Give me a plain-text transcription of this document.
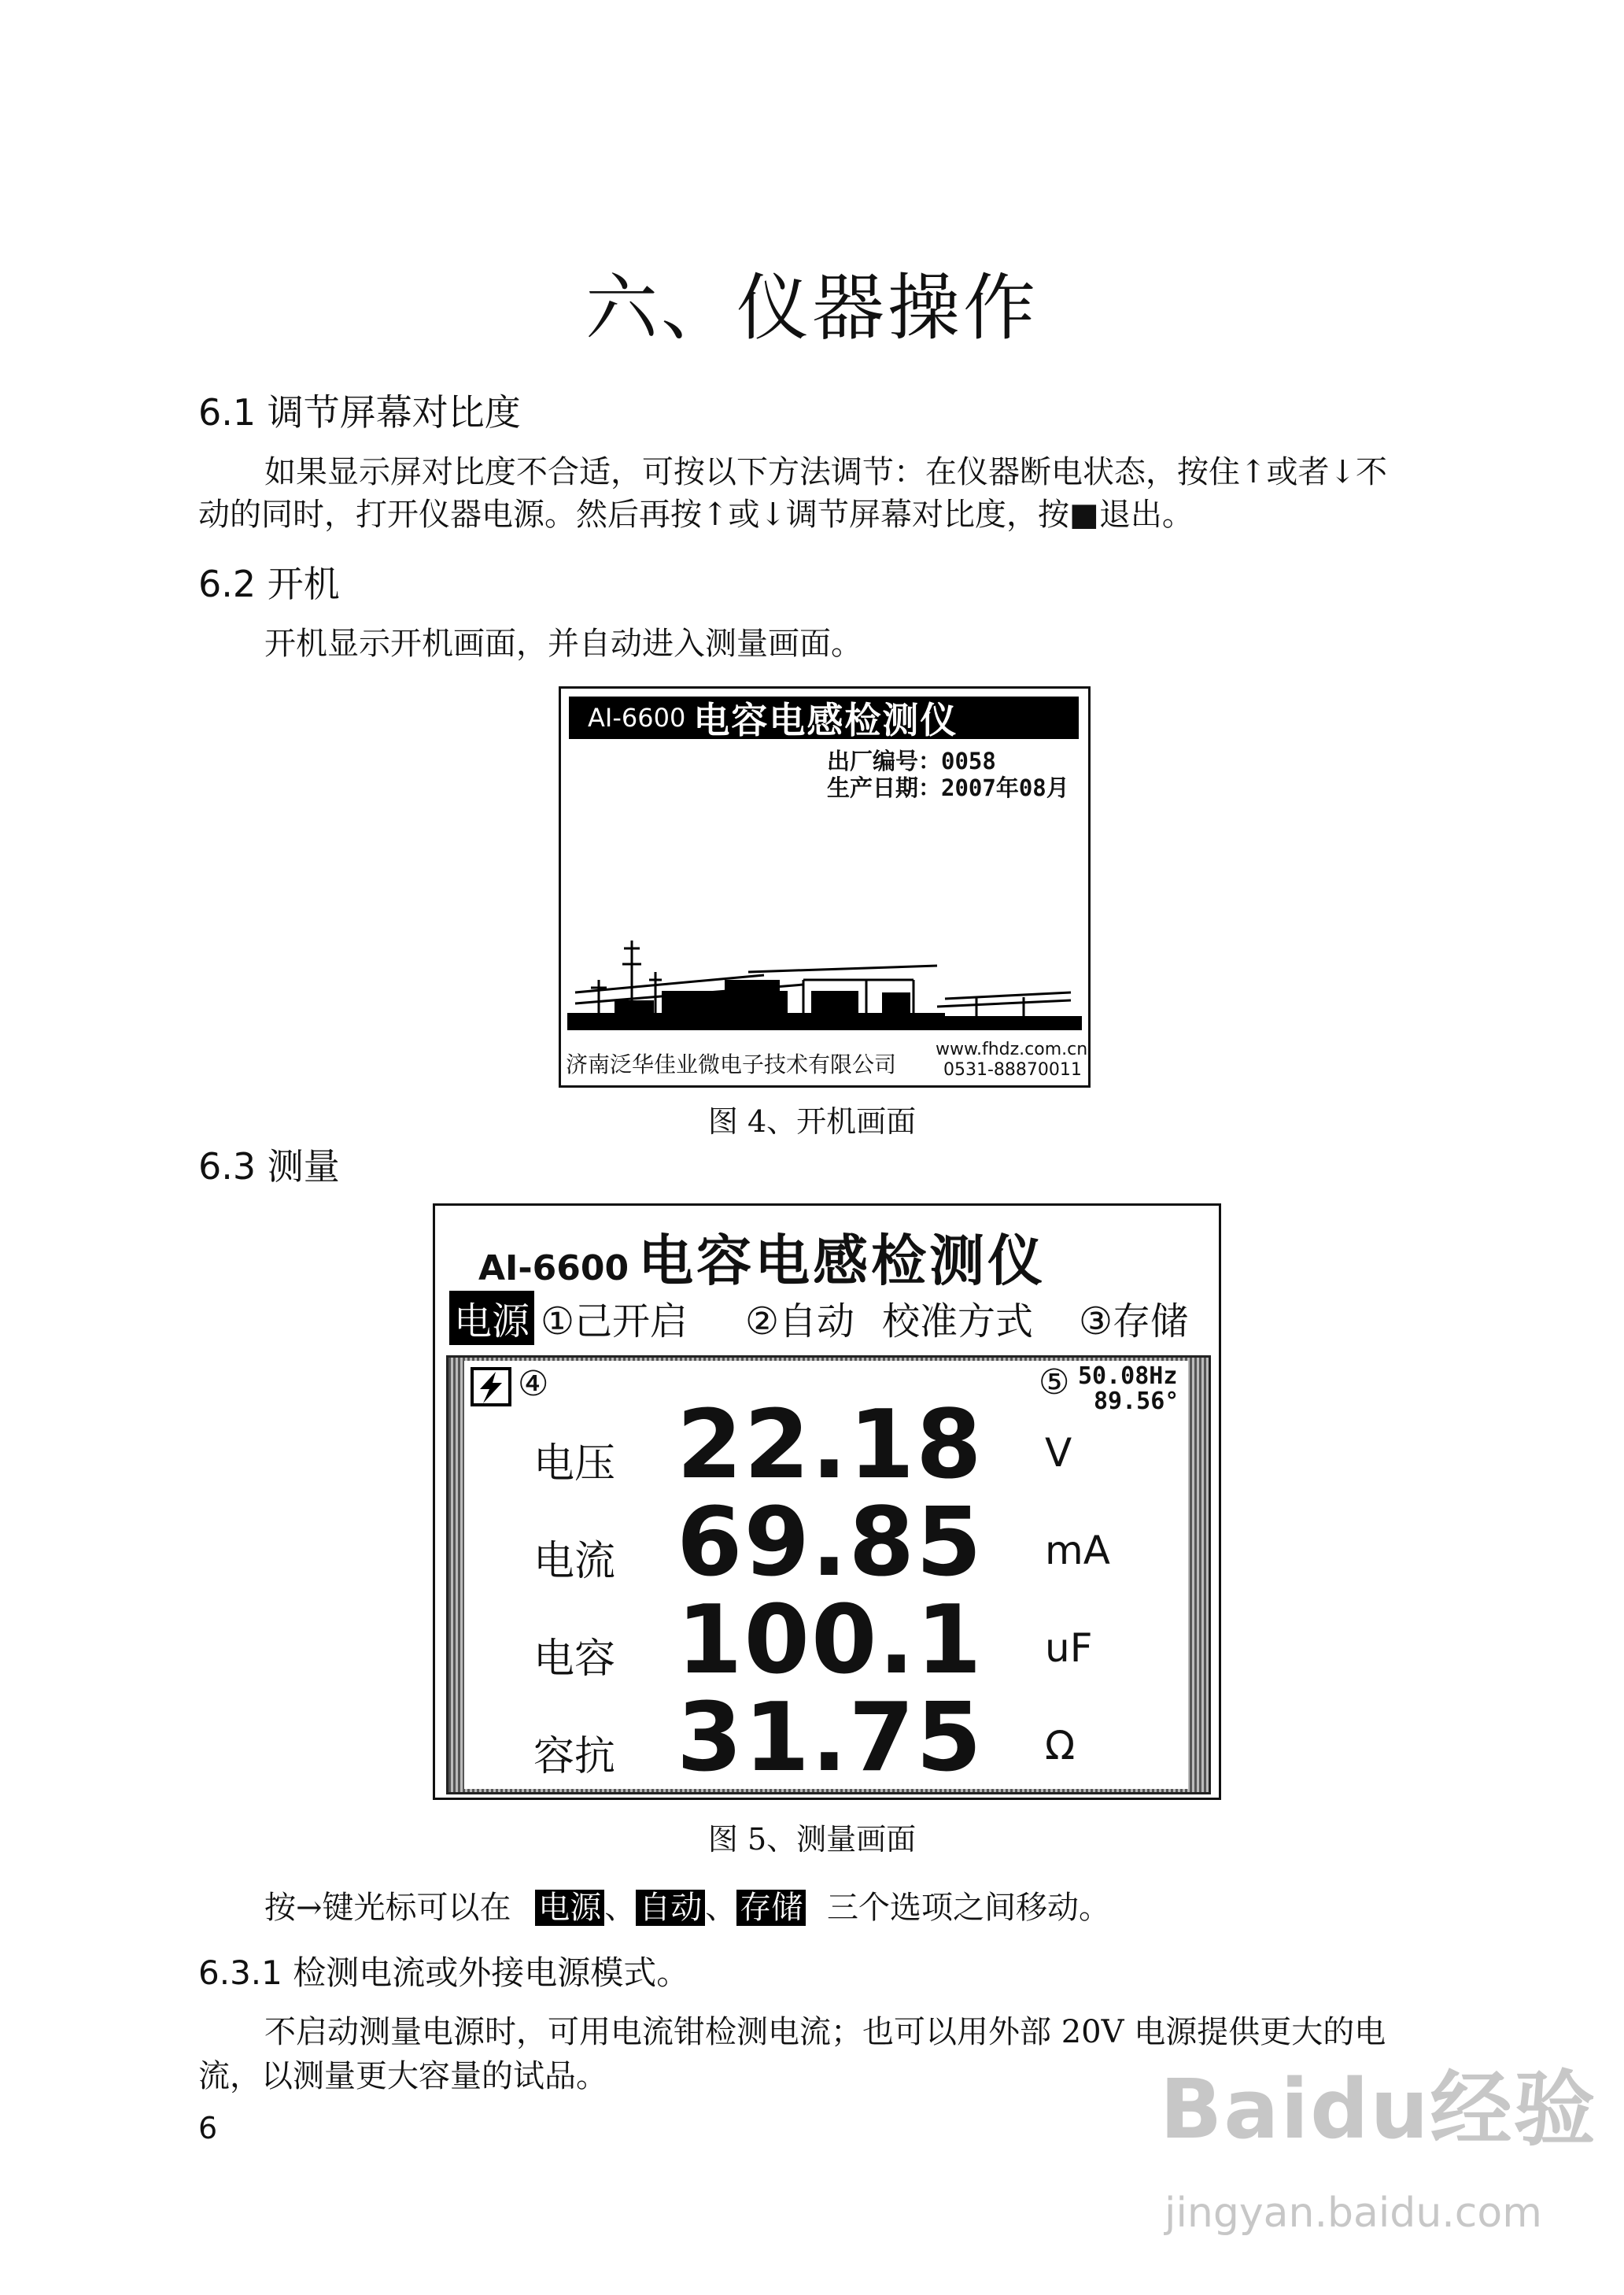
六、仪器操作
6.1 调节屏幕对比度
如果显示屏对比度不合适，可按以下方法调节：在仪器断电状态，按住↑或者↓不
动的同时，打开仪器电源。然后再按↑或↓调节屏幕对比度，按■退出。
6.2 开机
开机显示开机画面，并自动进入测量画面。
AI-6600 电容电感检测仪
出厂编号：0058
生产日期：2007年08月
济南泛华佳业微电子技术有限公司
www.fhdz.com.cn
0531-88870011
图 4、开机画面
6.3 测量
AI-6600 电容电感检测仪
电源 ①己开启 ②自动 校准方式 ③存储
④	⑤ 50.08Hz
89.56°
电压 22.18 V
电流 69.85 mA
电容 100.1 uF
容抗 31.75 Ω
图 5、测量画面
按→键光标可以在 电源 、 自动 、 存储 三个选项之间移动。
6.3.1 检测电流或外接电源模式。
不启动测量电源时，可用电流钳检测电流；也可以用外部 20V 电源提供更大的电
流，以测量更大容量的试品。
6	Baidu经验
jingyan.baidu.com
